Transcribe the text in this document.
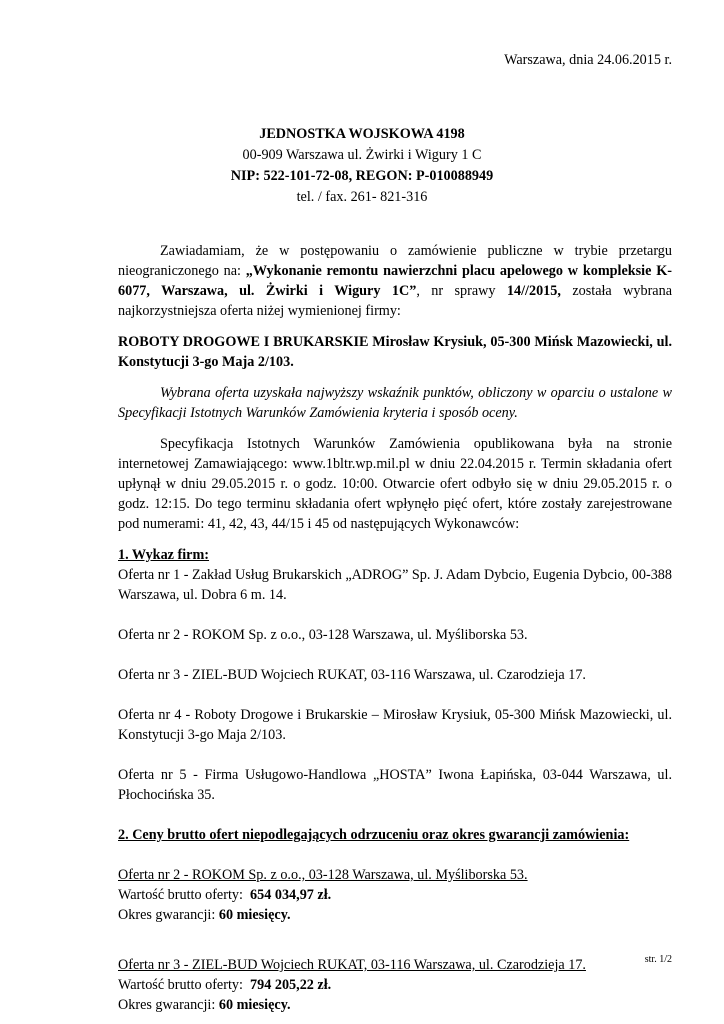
Warszawa, dnia 24.06.2015 r.
JEDNOSTKA WOJSKOWA 4198
00-909 Warszawa ul. Żwirki i Wigury 1 C
NIP: 522-101-72-08, REGON: P-010088949
tel. / fax. 261- 821-316

Zawiadamiam, że w postępowaniu o zamówienie publiczne w trybie przetargu nieograniczonego na: „Wykonanie remontu nawierzchni placu apelowego w kompleksie K-6077, Warszawa, ul. Żwirki i Wigury 1C”, nr sprawy 14//2015, została wybrana najkorzystniejsza oferta niżej wymienionej firmy:

ROBOTY DROGOWE I BRUKARSKIE Mirosław Krysiuk, 05-300 Mińsk Mazowiecki, ul. Konstytucji 3-go Maja 2/103.

Wybrana oferta uzyskała najwyższy wskaźnik punktów, obliczony w oparciu o ustalone w Specyfikacji Istotnych Warunków Zamówienia kryteria i sposób oceny.

Specyfikacja Istotnych Warunków Zamówienia opublikowana była na stronie internetowej Zamawiającego: www.1bltr.wp.mil.pl w dniu 22.04.2015 r. Termin składania ofert upłynął w dniu 29.05.2015 r. o godz. 10:00. Otwarcie ofert odbyło się w dniu 29.05.2015 r. o godz. 12:15. Do tego terminu składania ofert wpłynęło pięć ofert, które zostały zarejestrowane pod numerami: 41, 42, 43, 44/15 i 45 od następujących Wykonawców:

1. Wykaz firm:

Oferta nr 1 - Zakład Usług Brukarskich „ADROG” Sp. J. Adam Dybcio, Eugenia Dybcio, 00-388 Warszawa, ul. Dobra 6 m. 14.

Oferta nr 2 - ROKOM Sp. z o.o., 03-128 Warszawa, ul. Myśliborska 53.

Oferta nr 3 - ZIEL-BUD Wojciech RUKAT, 03-116 Warszawa, ul. Czarodzieja 17.

Oferta nr 4 - Roboty Drogowe i Brukarskie – Mirosław Krysiuk, 05-300 Mińsk Mazowiecki, ul. Konstytucji 3-go Maja 2/103.

Oferta nr 5 - Firma Usługowo-Handlowa „HOSTA” Iwona Łapińska, 03-044 Warszawa, ul. Płochocińska 35.

2. Ceny brutto ofert niepodlegających odrzuceniu oraz okres gwarancji zamówienia:

Oferta nr 2 - ROKOM Sp. z o.o., 03-128 Warszawa, ul. Myśliborska 53.

Wartość brutto oferty: 654 034,97 zł.

Okres gwarancji: 60 miesięcy.

Oferta nr 3 - ZIEL-BUD Wojciech RUKAT, 03-116 Warszawa, ul. Czarodzieja 17.

Wartość brutto oferty: 794 205,22 zł.

Okres gwarancji: 60 miesięcy.

str. 1/2
